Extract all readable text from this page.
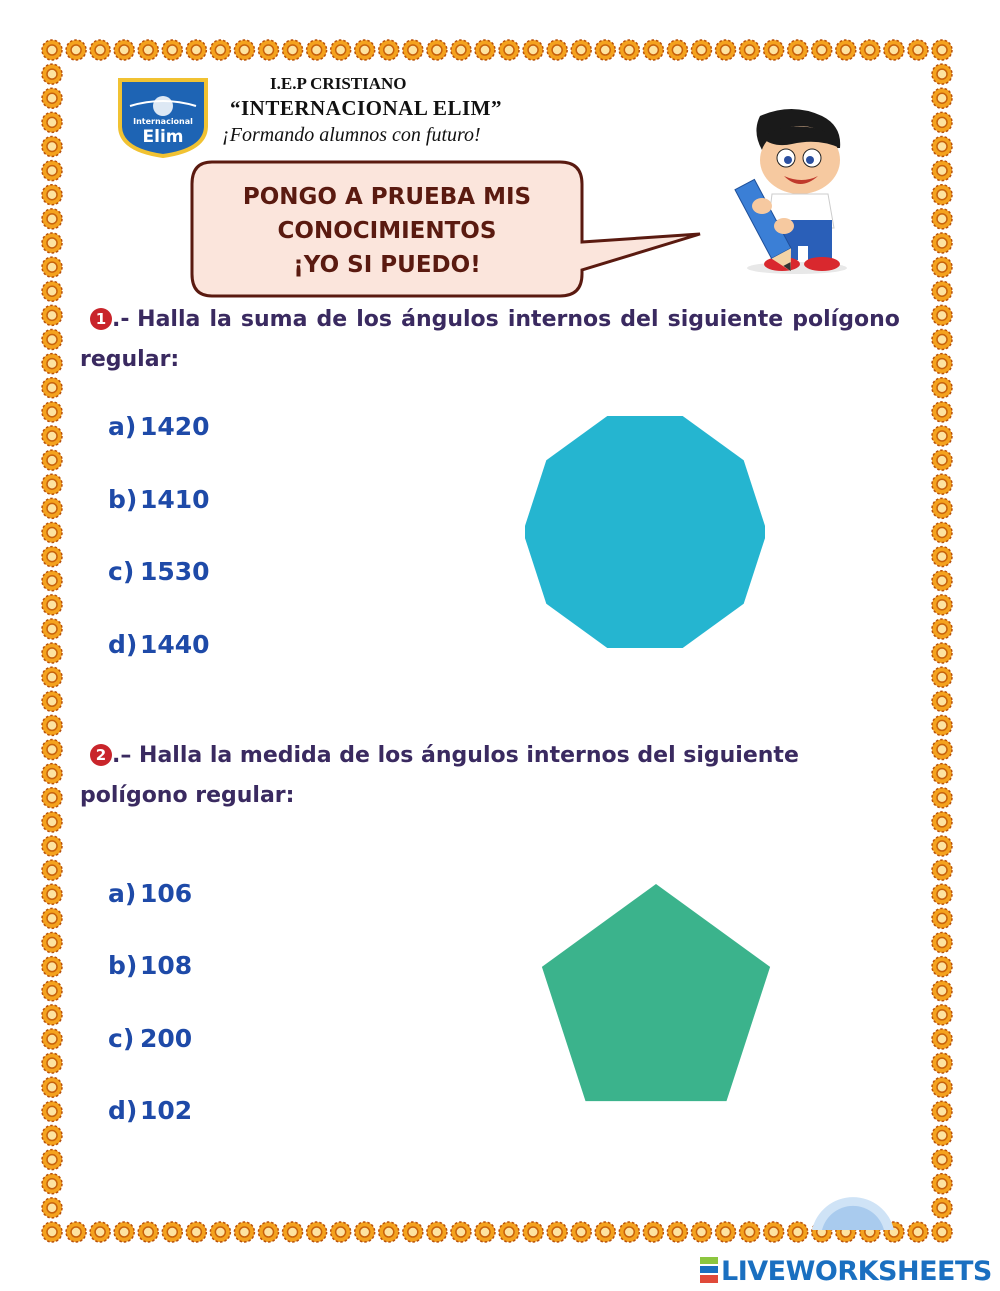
Internacional
Elim
I.E.P CRISTIANO
“INTERNACIONAL ELIM”
¡Formando alumnos con futuro!
PONGO A PRUEBA MIS
CONOCIMIENTOS
¡YO SI PUEDO!
1 .- Halla la suma de los ángulos internos del siguiente polígono
regular:
a) 1420
b) 1410
c) 1530
d) 1440
2 .– Halla la medida de los ángulos internos del siguiente
polígono regular:
a) 106
b) 108
c) 200
d) 102
LIVEWORKSHEETS
